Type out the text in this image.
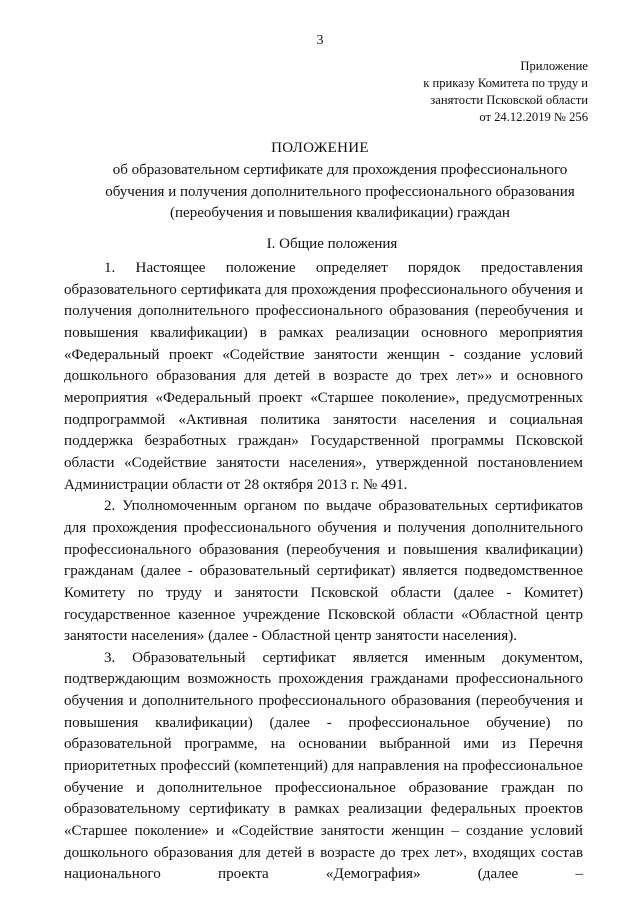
3
Приложение
к приказу Комитета по труду и
занятости Псковской области
от 24.12.2019 № 256
ПОЛОЖЕНИЕ
об образовательном сертификате для прохождения профессионального
обучения и получения дополнительного профессионального образования
(переобучения и повышения квалификации) граждан
I. Общие положения

1. Настоящее положение определяет порядок предоставления образовательного сертификата для прохождения профессионального обучения и получения дополнительного профессионального образования (переобучения и повышения квалификации) в рамках реализации основного мероприятия «Федеральный проект «Содействие занятости женщин - создание условий дошкольного образования для детей в возрасте до трех лет»» и основного мероприятия «Федеральный проект «Старшее поколение», предусмотренных подпрограммой «Активная политика занятости населения и социальная поддержка безработных граждан» Государственной программы Псковской области «Содействие занятости населения», утвержденной постановлением Администрации области от 28 октября 2013 г. № 491.

2. Уполномоченным органом по выдаче образовательных сертификатов для прохождения профессионального обучения и получения дополнительного профессионального образования (переобучения и повышения квалификации) гражданам (далее - образовательный сертификат) является подведомственное Комитету по труду и занятости Псковской области (далее - Комитет) государственное казенное учреждение Псковской области «Областной центр занятости населения» (далее - Областной центр занятости населения).

3. Образовательный сертификат является именным документом, подтверждающим возможность прохождения гражданами профессионального обучения и дополнительного профессионального образования (переобучения и повышения квалификации) (далее - профессиональное обучение) по образовательной программе, на основании выбранной ими из Перечня приоритетных профессий (компетенций) для направления на профессиональное обучение и дополнительное профессиональное образование граждан по образовательному сертификату в рамках реализации федеральных проектов «Старшее поколение» и «Содействие занятости женщин – создание условий дошкольного образования для детей в возрасте до трех лет», входящих состав национального проекта «Демография» (далее –
